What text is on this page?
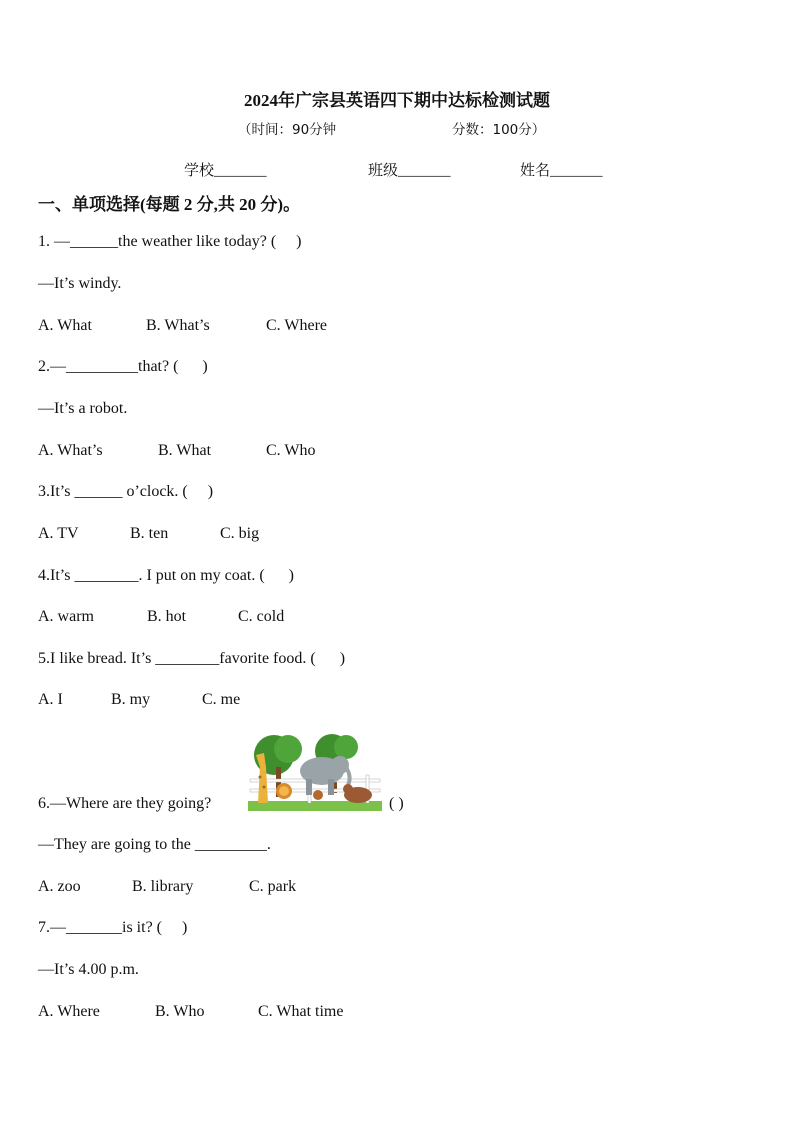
2024年广宗县英语四下期中达标检测试题
（时间：90分钟	分数：100分）
学校_______	班级_______	姓名_______
一、单项选择(每题 2 分,共 20 分)。
1. —______the weather like today? (     )
—It’s windy.
A. What	B. What’s	C. Where
2.—_________that? (      )
—It’s a robot.
A. What’s	B. What	C. Who
3.It’s ______ o’clock. (     )
A. TV	B. ten	C. big
4.It’s ________. I put on my coat. (      )
A. warm	B. hot	C. cold
5.I like bread. It’s ________favorite food. (      )
A. I	B. my	C. me
6.—Where are they going?	( )
—They are going to the _________.
A. zoo	B. library	C. park
7.—_______is it? (     )
—It’s 4.00 p.m.
A. Where	B. Who	C. What time
